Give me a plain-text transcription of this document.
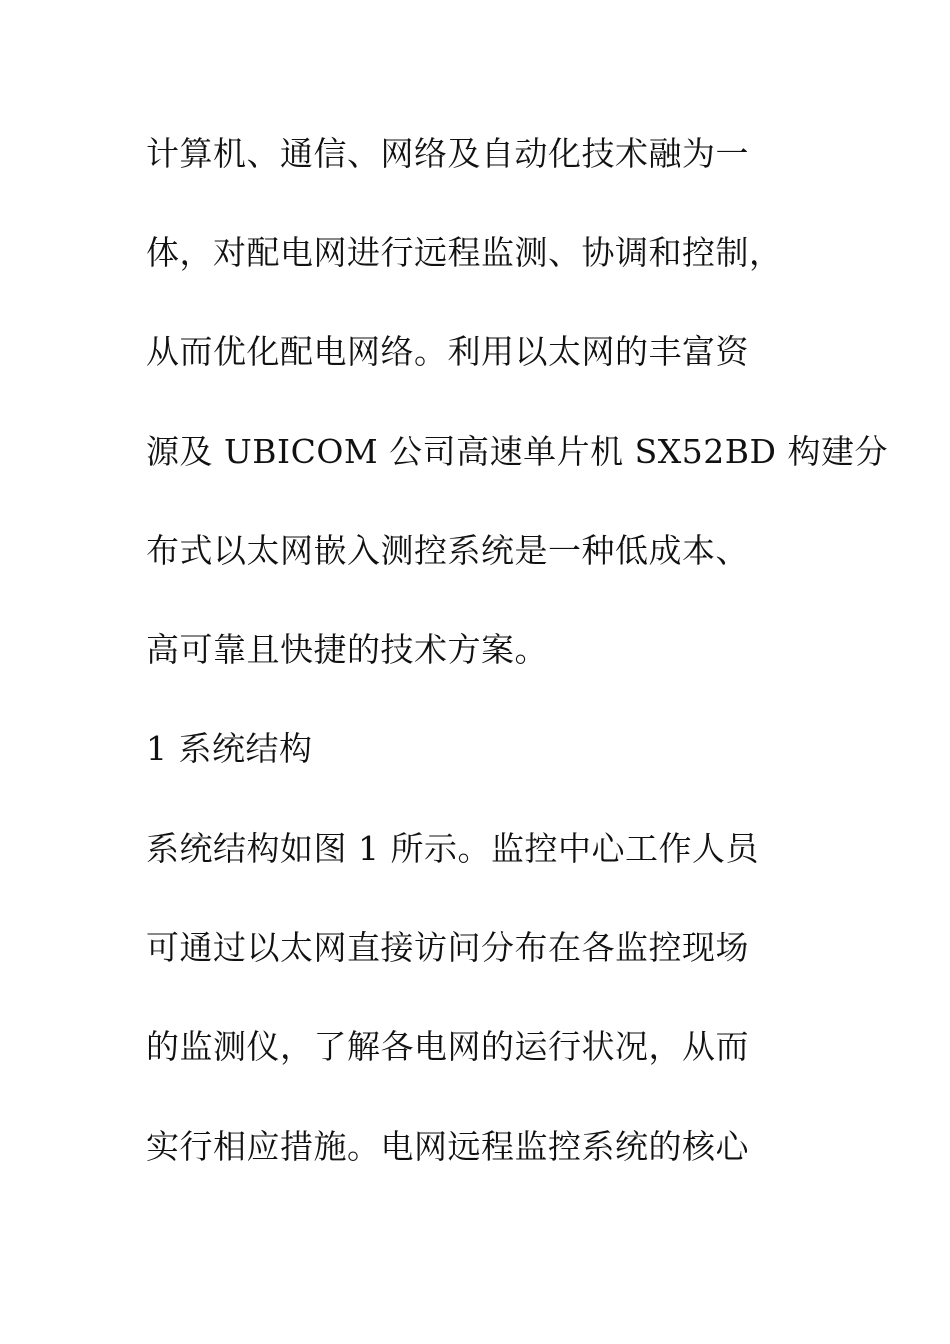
计算机、通信、网络及自动化技术融为一
体，对配电网进行远程监测、协调和控制，
从而优化配电网络。利用以太网的丰富资
源及 UBICOM 公司高速单片机 SX52BD 构建分
布式以太网嵌入测控系统是一种低成本、
高可靠且快捷的技术方案。
1 系统结构
系统结构如图 1 所示。监控中心工作人员
可通过以太网直接访问分布在各监控现场
的监测仪，了解各电网的运行状况，从而
实行相应措施。电网远程监控系统的核心
